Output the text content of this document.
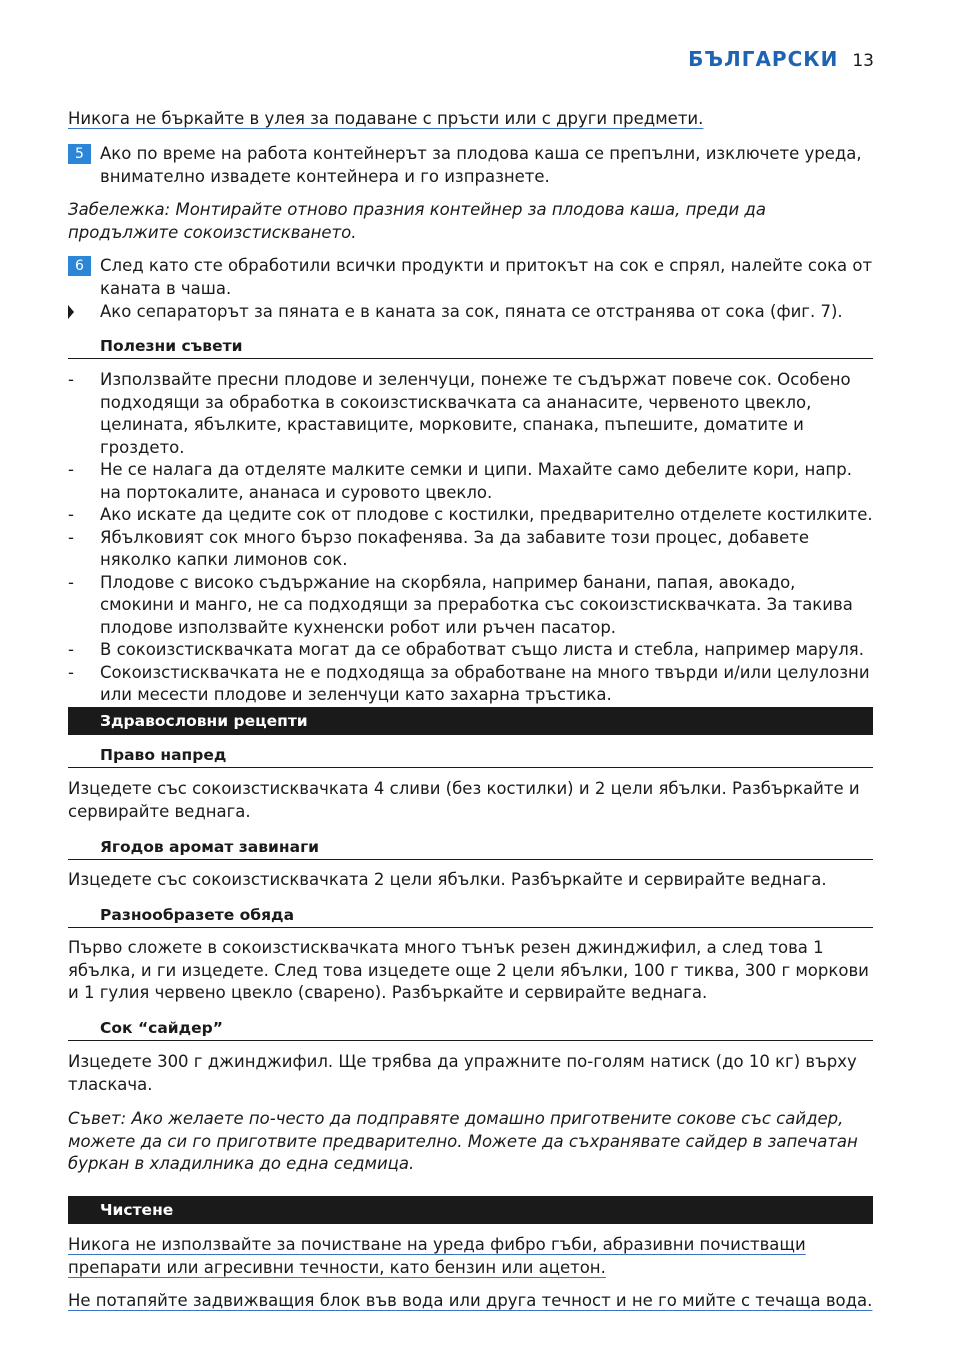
БЪЛГАРСКИ 13
Никога не бъркайте в улея за подаване с пръсти или с други предмети.
5 Ако по време на работа контейнерът за плодова каша се препълни, изключете уреда, внимателно извадете контейнера и го изпразнете.
Забележка: Монтирайте отново празния контейнер за плодова каша, преди да продължите сокоизстискването.
6 След като сте обработили всички продукти и притокът на сок е спрял, налейте сока от каната в чаша.
Ако сепараторът за пяната е в каната за сок, пяната се отстранява от сока (фиг. 7).
Полезни съвети
- Използвайте пресни плодове и зеленчуци, понеже те съдържат повече сок. Особено подходящи за обработка в сокоизстисквачката са ананасите, червеното цвекло, целината, ябълките, краставиците, морковите, спанака, пъпешите, доматите и гроздето.
- Не се налага да отделяте малките семки и ципи. Махайте само дебелите кори, напр. на портокалите, ананаса и суровото цвекло.
- Ако искате да цедите сок от плодове с костилки, предварително отделете костилките.
- Ябълковият сок много бързо покафенява. За да забавите този процес, добавете няколко капки лимонов сок.
- Плодове с високо съдържание на скорбяла, например банани, папая, авокадо, смокини и манго, не са подходящи за преработка със сокоизстисквачката. За такива плодове използвайте кухненски робот или ръчен пасатор.
- В сокоизстисквачката могат да се обработват също листа и стебла, например маруля.
- Сокоизстисквачката не е подходяща за обработване на много твърди и/или целулозни или месести плодове и зеленчуци като захарна тръстика.
Здравословни рецепти
Право напред
Изцедете със сокоизстисквачката 4 сливи (без костилки) и 2 цели ябълки. Разбъркайте и сервирайте веднага.
Ягодов аромат завинаги
Изцедете със сокоизстисквачката 2 цели ябълки. Разбъркайте и сервирайте веднага.
Разнообразете обяда
Първо сложете в сокоизстисквачката много тънък резен джинджифил, а след това 1 ябълка, и ги изцедете. След това изцедете още 2 цели ябълки, 100 г тиква, 300 г моркови и 1 гулия червено цвекло (сварено). Разбъркайте и сервирайте веднага.
Сок “сайдер”
Изцедете 300 г джинджифил. Ще трябва да упражните по-голям натиск (до 10 кг) върху тласкача.
Съвет: Ако желаете по-често да подправяте домашно приготвените сокове със сайдер, можете да си го приготвите предварително. Можете да съхранявате сайдер в запечатан буркан в хладилника до една седмица.
Чистене
Никога не използвайте за почистване на уреда фибро гъби, абразивни почистващи препарати или агресивни течности, като бензин или ацетон.
Не потапяйте задвижващия блок във вода или друга течност и не го мийте с течаща вода.
